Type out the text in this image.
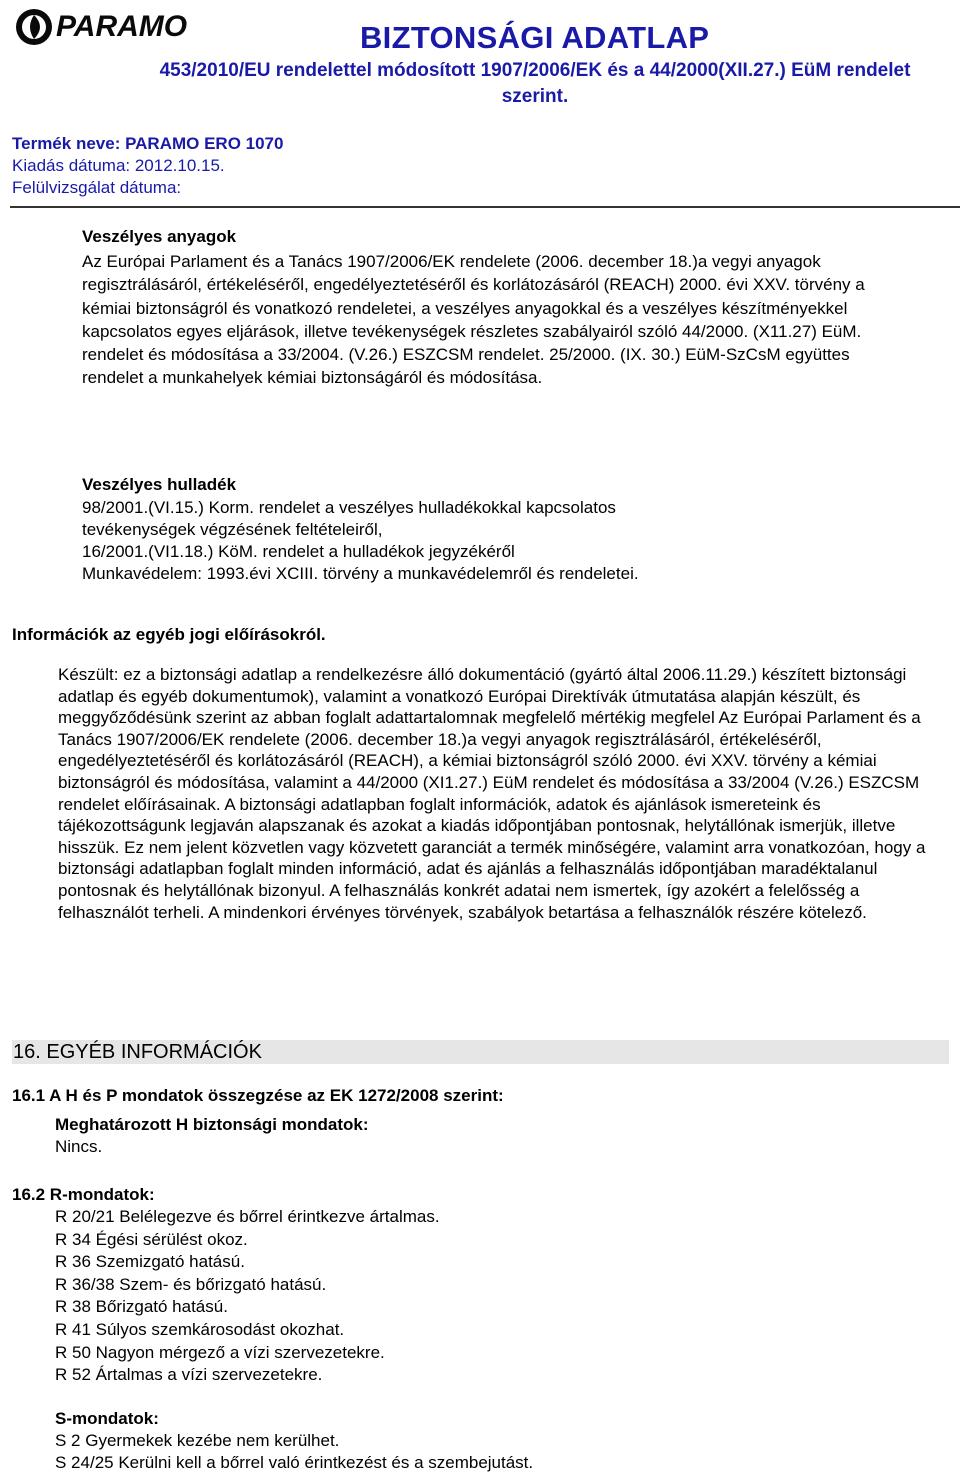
PARAMO	BIZTONSÁGI ADATLAP

453/2010/EU rendelettel módosított 1907/2006/EK és a 44/2000(XII.27.) EüM rendelet szerint.

Termék neve: PARAMO ERO 1070
Kiadás dátuma: 2012.10.15.
Felülvizsgálat dátuma:

Veszélyes anyagok

Az Európai Parlament és a Tanács 1907/2006/EK rendelete (2006. december 18.)a vegyi anyagok regisztrálásáról, értékeléséről, engedélyeztetéséről és korlátozásáról (REACH) 2000. évi XXV. törvény a kémiai biztonságról és vonatkozó rendeletei, a veszélyes anyagokkal és a veszélyes készítményekkel kapcsolatos egyes eljárások, illetve tevékenységek részletes szabályairól szóló 44/2000. (X11.27) EüM. rendelet és módosítása a 33/2004. (V.26.) ESZCSM rendelet. 25/2000. (IX. 30.) EüM-SzCsM együttes rendelet a munkahelyek kémiai biztonságáról és módosítása.

Veszélyes hulladék

98/2001.(VI.15.) Korm. rendelet a veszélyes hulladékokkal kapcsolatos

tevékenységek végzésének feltételeiről,

16/2001.(VI1.18.) KöM. rendelet a hulladékok jegyzékéről

Munkavédelem: 1993.évi XCIII. törvény a munkavédelemről és rendeletei.

Információk az egyéb jogi előírásokról.

Készült: ez a biztonsági adatlap a rendelkezésre álló dokumentáció (gyártó által 2006.11.29.) készített biztonsági adatlap és egyéb dokumentumok), valamint a vonatkozó Európai Direktívák útmutatása alapján készült, és meggyőződésünk szerint az abban foglalt adattartalomnak megfelelő mértékig megfelel Az Európai Parlament és a Tanács 1907/2006/EK rendelete (2006. december 18.)a vegyi anyagok regisztrálásáról, értékeléséről, engedélyeztetéséről és korlátozásáról (REACH), a kémiai biztonságról szóló 2000. évi XXV. törvény a kémiai biztonságról és módosítása, valamint a 44/2000 (XI1.27.) EüM rendelet és módosítása a 33/2004 (V.26.) ESZCSM rendelet előírásainak. A biztonsági adatlapban foglalt információk, adatok és ajánlások ismereteink és tájékozottságunk legjaván alapszanak és azokat a kiadás időpontjában pontosnak, helytállónak ismerjük, illetve hisszük. Ez nem jelent közvetlen vagy közvetett garanciát a termék minőségére, valamint arra vonatkozóan, hogy a biztonsági adatlapban foglalt minden információ, adat és ajánlás a felhasználás időpontjában maradéktalanul pontosnak és helytállónak bizonyul. A felhasználás konkrét adatai nem ismertek, így azokért a felelősség a felhasználót terheli. A mindenkori érvényes törvények, szabályok betartása a felhasználók részére kötelező.

16. EGYÉB INFORMÁCIÓK

16.1 A H és P mondatok összegzése az EK 1272/2008 szerint:

Meghatározott H biztonsági mondatok:

Nincs.

16.2 R-mondatok:

R 20/21 Belélegezve és bőrrel érintkezve ártalmas.

R 34 Égési sérülést okoz.

R 36 Szemizgató hatású.

R 36/38 Szem- és bőrizgató hatású.

R 38 Bőrizgató hatású.

R 41 Súlyos szemkárosodást okozhat.

R 50 Nagyon mérgező a vízi szervezetekre.

R 52 Ártalmas a vízi szervezetekre.

S-mondatok:

S 2 Gyermekek kezébe nem kerülhet.

S 24/25 Kerülni kell a bőrrel való érintkezést és a szembejutást.
